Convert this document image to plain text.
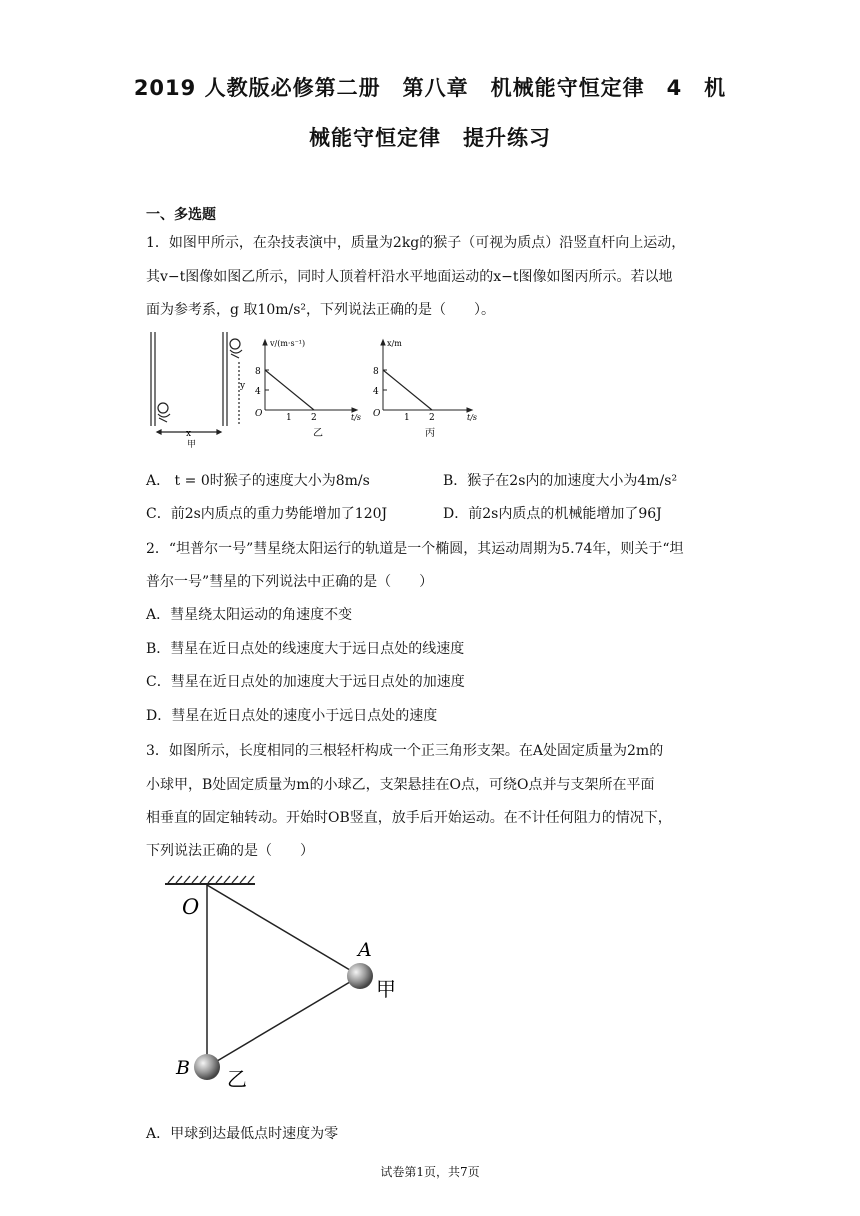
2019 人教版必修第二册　第八章　机械能守恒定律　4　机
械能守恒定律　提升练习
一、多选题
1．如图甲所示，在杂技表演中，质量为2kg的猴子（可视为质点）沿竖直杆向上运动，
其v−t图像如图乙所示，同时人顶着杆沿水平地面运动的x−t图像如图丙所示。若以地
面为参考系，g 取10m/s²，下列说法正确的是（　　）。
x
y
甲
v/(m·s⁻¹)
8
4
O	1 2	t/s
乙
x/m
8
4
O	1 2	t/s
丙
A． t = 0时猴子的速度大小为8m/s	B．猴子在2s内的加速度大小为4m/s²
C．前2s内质点的重力势能增加了120J	D．前2s内质点的机械能增加了96J
2．“坦普尔一号”彗星绕太阳运行的轨道是一个椭圆，其运动周期为5.74年，则关于“坦
普尔一号”彗星的下列说法中正确的是（　　）
A．彗星绕太阳运动的角速度不变
B．彗星在近日点处的线速度大于远日点处的线速度
C．彗星在近日点处的加速度大于远日点处的加速度
D．彗星在近日点处的速度小于远日点处的速度
3．如图所示，长度相同的三根轻杆构成一个正三角形支架。在A处固定质量为2m的
小球甲，B处固定质量为m的小球乙，支架悬挂在O点，可绕O点并与支架所在平面
相垂直的固定轴转动。开始时OB竖直，放手后开始运动。在不计任何阻力的情况下，
下列说法正确的是（　　）
O
A
B
甲
乙
A．甲球到达最低点时速度为零
试卷第1页，共7页
